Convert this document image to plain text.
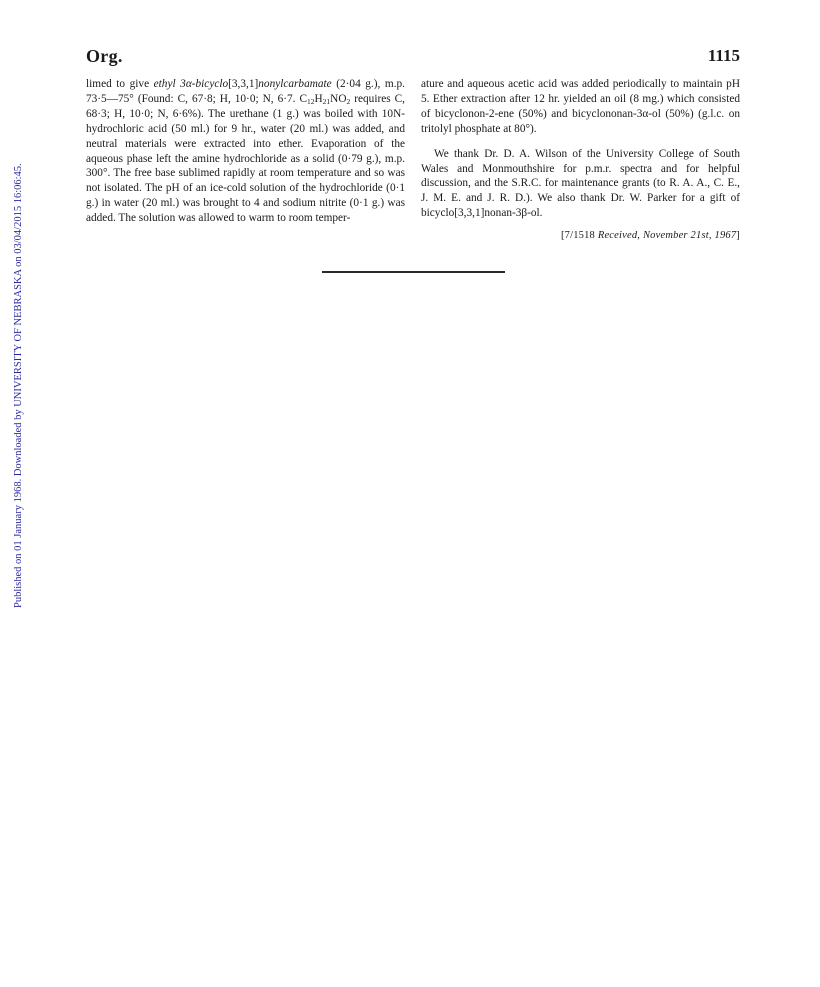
Published on 01 January 1968. Downloaded by UNIVERSITY OF NEBRASKA on 03/04/2015 16:06:45.
Org.	1115

limed to give ethyl 3α-bicyclo[3,3,1]nonylcarbamate (2·04 g.), m.p. 73·5—75° (Found: C, 67·8; H, 10·0; N, 6·7. $C_{12}H_{21}NO_2$ requires C, 68·3; H, 10·0; N, 6·6%). The urethane (1 g.) was boiled with 10N-hydrochloric acid (50 ml.) for 9 hr., water (20 ml.) was added, and neutral materials were extracted into ether. Evaporation of the aqueous phase left the amine hydrochloride as a solid (0·79 g.), m.p. 300°. The free base sublimed rapidly at room temperature and so was not isolated. The pH of an ice-cold solution of the hydrochloride (0·1 g.) in water (20 ml.) was brought to 4 and sodium nitrite (0·1 g.) was added. The solution was allowed to warm to room temper-

ature and aqueous acetic acid was added periodically to maintain pH 5. Ether extraction after 12 hr. yielded an oil (8 mg.) which consisted of bicyclonon-2-ene (50%) and bicyclononan-3α-ol (50%) (g.l.c. on tritolyl phosphate at 80°).

We thank Dr. D. A. Wilson of the University College of South Wales and Monmouthshire for p.m.r. spectra and for helpful discussion, and the S.R.C. for maintenance grants (to R. A. A., C. E., J. M. E. and J. R. D.). We also thank Dr. W. Parker for a gift of bicyclo[3,3,1]nonan-3β-ol.

[7/1518 Received, November 21st, 1967]
